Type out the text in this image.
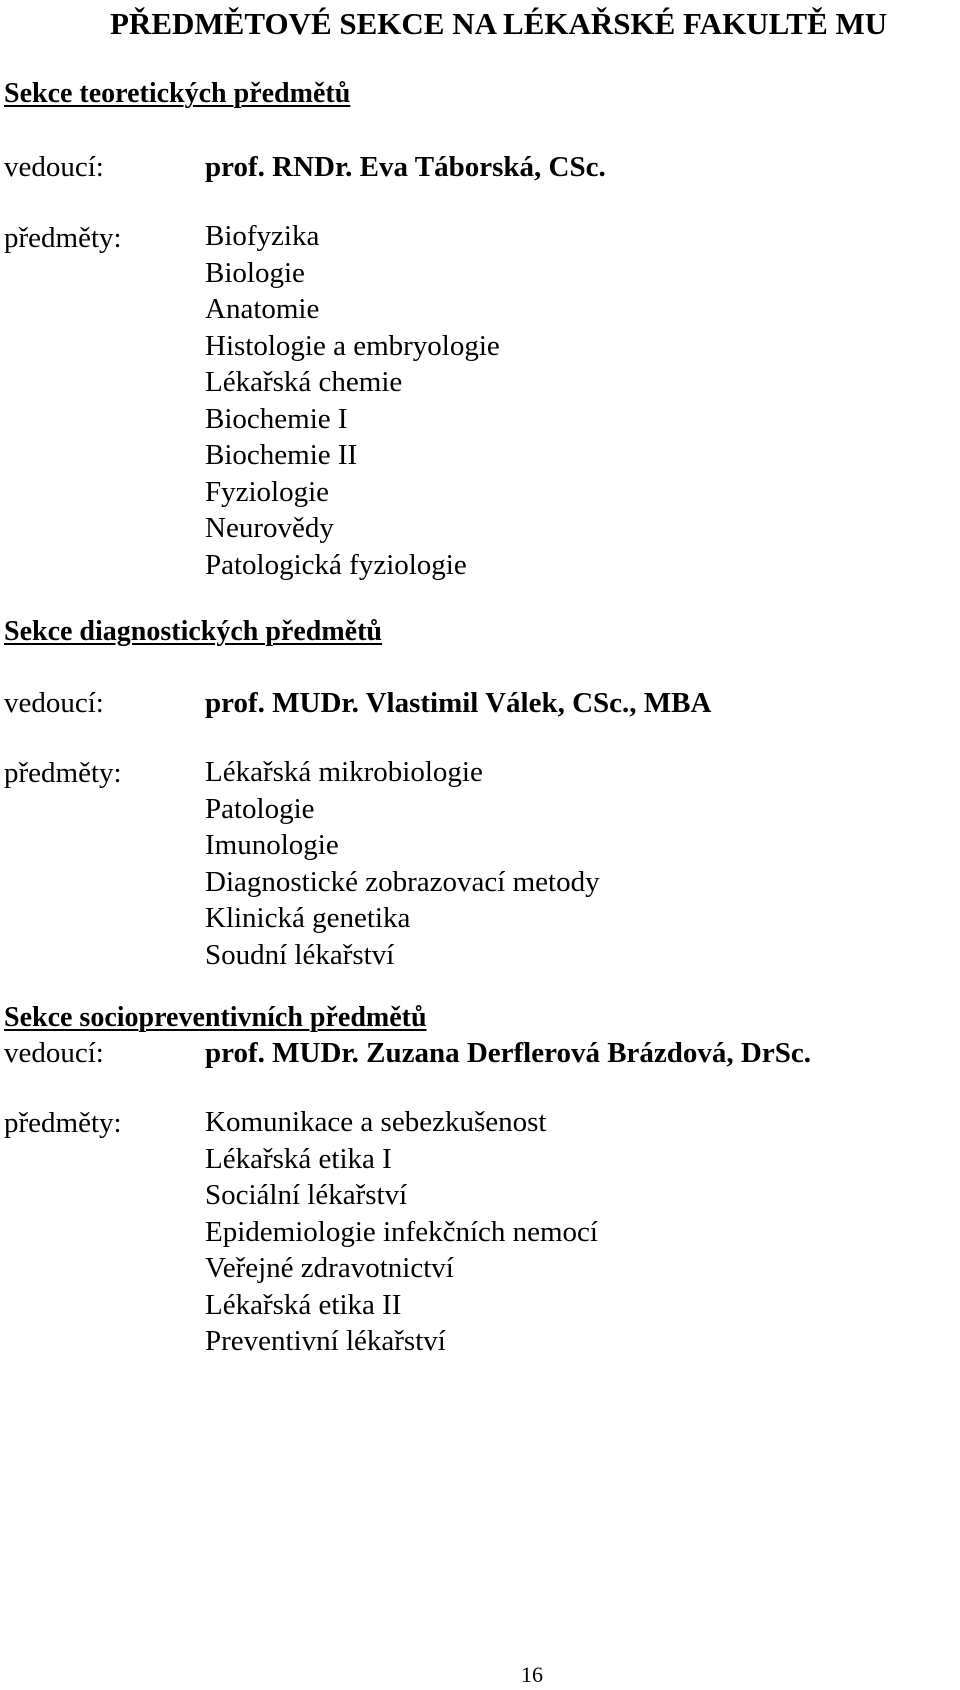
PŘEDMĚTOVÉ SEKCE NA LÉKAŘSKÉ FAKULTĚ MU
Sekce teoretických předmětů
vedoucí:	prof. RNDr. Eva Táborská, CSc.
předměty:	Biofyzika
Biologie
Anatomie
Histologie a embryologie
Lékařská chemie
Biochemie I
Biochemie II
Fyziologie
Neurovědy
Patologická fyziologie
Sekce diagnostických předmětů
vedoucí:	prof. MUDr. Vlastimil Válek, CSc., MBA
předměty:	Lékařská mikrobiologie
Patologie
Imunologie
Diagnostické zobrazovací metody
Klinická genetika
Soudní lékařství
Sekce sociopreventivních předmětů
vedoucí:	prof. MUDr. Zuzana Derflerová Brázdová, DrSc.
předměty:	Komunikace a sebezkušenost
Lékařská etika I
Sociální lékařství
Epidemiologie infekčních nemocí
Veřejné zdravotnictví
Lékařská etika II
Preventivní lékařství
16
